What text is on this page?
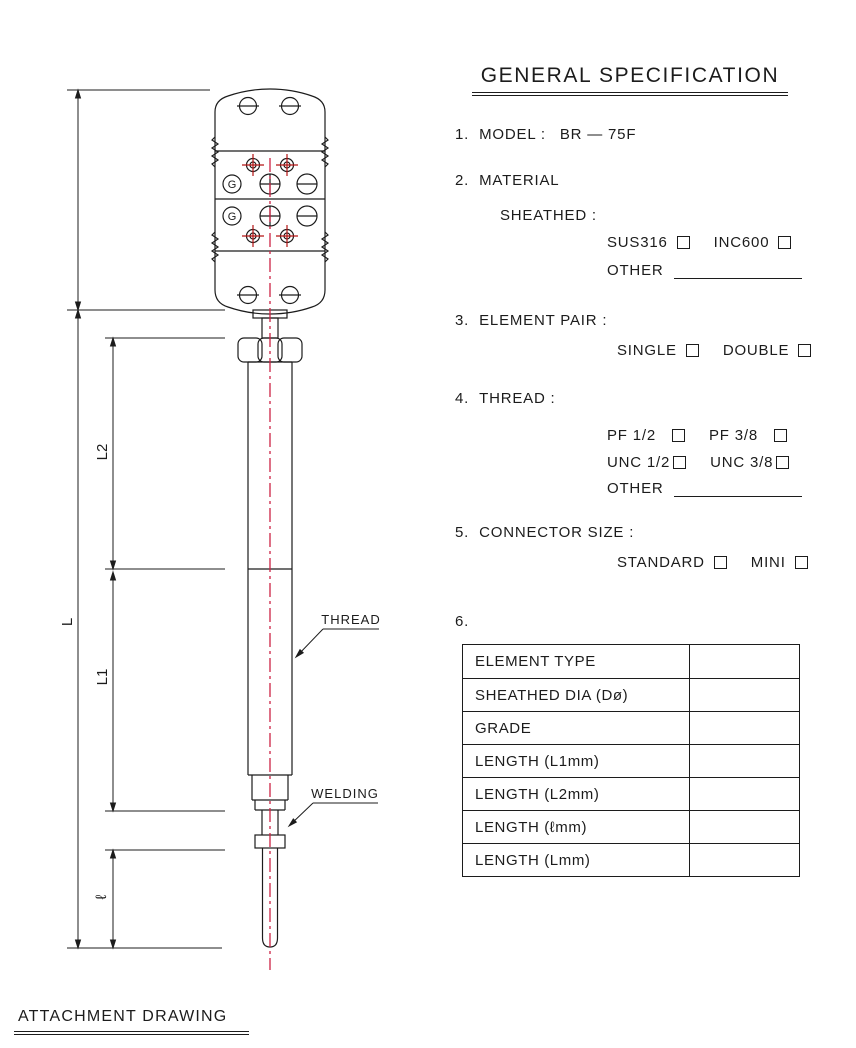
G
G
THREAD
WELDING
L
L2
L1
ℓ
GENERAL SPECIFICATION
1. MODEL : BR — 75F
2. MATERIAL
SHEATHED :
SUS316	INC600
OTHER
3. ELEMENT PAIR :
SINGLE	DOUBLE
4. THREAD :
PF 1/2	PF 3/8
UNC 1/2	UNC 3/8
OTHER
5. CONNECTOR SIZE :
STANDARD	MINI
6.
ELEMENT TYPE
SHEATHED DIA (Dø)
GRADE
LENGTH (L1mm)
LENGTH (L2mm)
LENGTH (ℓmm)
LENGTH (Lmm)
ATTACHMENT DRAWING
